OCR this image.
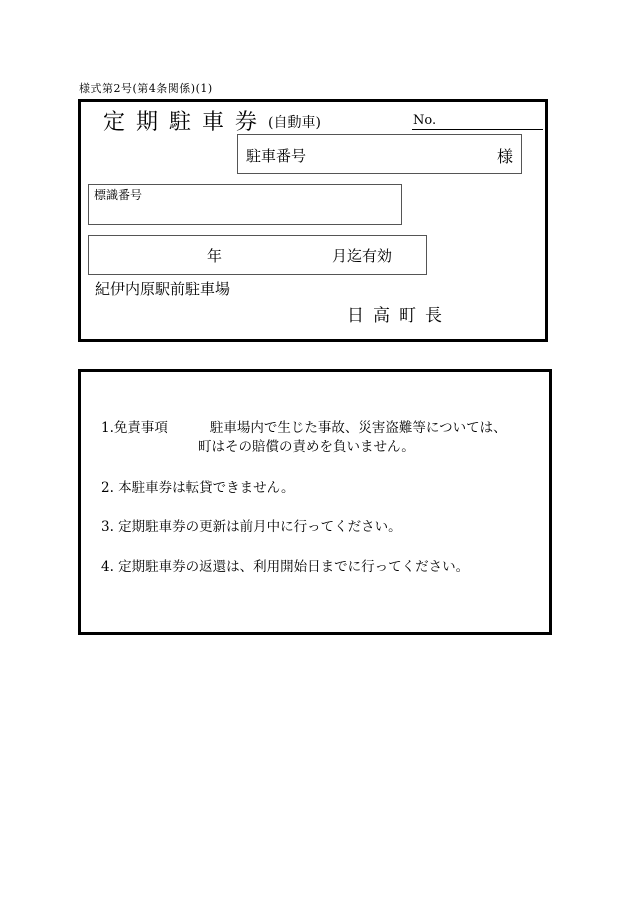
様式第2号(第4条関係)(1)
定期駐車券 (自動車)	No.
駐車番号	様
標識番号
年	月迄有効
紀伊内原駅前駐車場
日高町長
1.免責事項	駐車場内で生じた事故、災害盗難等については、
町はその賠償の責めを負いません。
2. 本駐車券は転貸できません。
3. 定期駐車券の更新は前月中に行ってください。
4. 定期駐車券の返還は、利用開始日までに行ってください。
